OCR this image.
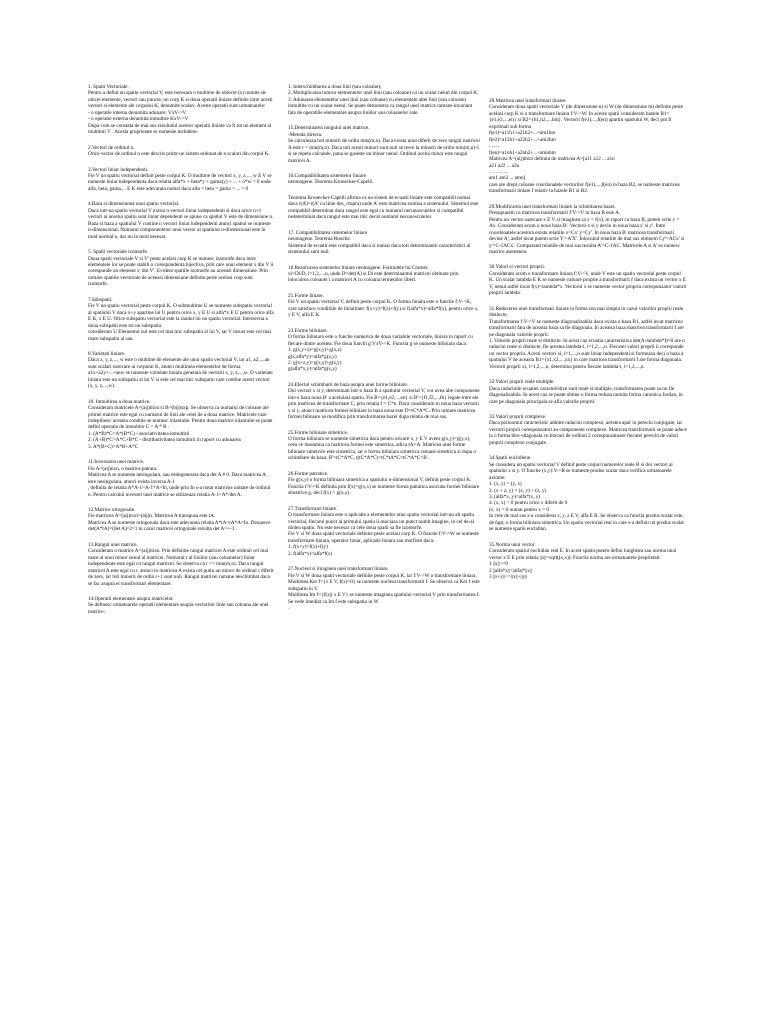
1. Spatii Vectoriale.

Pentru a defini un spatiu vectorial V, este necesara o multime de obiecte (x) numite de obicei elemente, vectori sau puncte, un corp K si doua operatii liniare definite intre acesti vectori si elemente ale corpului K, denumite scalari. Aceste operatii sunt urmatoarele:
- o operatie interna denumita adunare: VxV->V
- o operatie externa denumita inmultire KxV->V
Dupa cum se constata de mai sus rezultatul acestor operatii liniare va fi tot un element al multimii V . Acesta proprietate se numeste inchidere.

2.Vectori de ordinul n.

Orice vector de ordinul n este descris printr-un sistem ordonat de n scalari din corpul K.

3.Vectori liniar independenti.

Fie V un spatiu vectorial definit peste corpul K. O multime de vectori x, y, z,..., w E V se numeste liniar independenta daca relatia alfa*x + beta*y + gama(y) + ... + o*w = 0 unde alfa, beta, gama,... E K este adevarata numai daca alfa = beta = gama = ... = 0

4.Baza si dimensiunea unui spatiu vectorial.

Daca intr-un spatiu vectorial V exista n vectori liniar independenti si daca orice n+1 vectori ai acestui spatiu sunt liniar dependenti se spune ca spatiul V este de dimensiune n.
Baza si baza a spatiului V contine n vectori liniar independenti atunci spatiul se numeste n-dimensional. Numarul componentelor unui vector al spatiului n-dimensional este in mod normal n, dar nu in mod necesar.

5. Spatii vectoriale izomorfe.

Doua spatii vectoriale V si V' peste acelasi corp K se numesc izomorfe daca intre elementele lor se poate stabili o corespondenta bijectiva, prin care unui element x din V ii corespunde un element x' din V'. Evident spatiile izomorfe au aceeasi dimensiune. Prin urmare spatiile vectoriale de aceeasi dimensiune definite peste acelasi corp sunt izomorfe.

7.Subspatii.

Fie V un spatiu vectorial peste corpul K. O submultime U se numeste subspatiu vectorial al spatiului V daca x+y apartine lui U pentru orice x, y E U si alfa*x E U pentru orice alfa E K, x E U. Orice subspatiu vectorial este la randul lui un spatiu vectorial. Intersectia a doua subspatii este tot un subspatiu.
consideram U Elementul nul este cel mai mic subspatiu al lui V, iar V insusi este cel mai mare subspatiu al sau.

8.Varietati liniare.

Daca x, y, z,..., w este o multime de elemente ale unui spatiu vectorial V, iar a1, a2,...,an sunt scalari oarecare ai corpului K, atunci multimea elementelor de forma a1x+a2y+...+anw se numeste varietate liniara generata de vectorii x, y, z,...,w. O varietate liniara este un subspatiu al lui V si este cel mai mic subspatiu care contine acesti vectori (x, y, z,...,w).

10. Inmultirea a doua matrice.

Consideram matricele A=(aij)mxn si B=(bij)nxp. Se observa ca numarul de coloane ale primei matrice este egal cu numarul de linii ale celei de a doua matrice. Matricele care indeplinesc aceasta conditie se numesc inlantuite. Pentru doua matrice inlantuite se poate defini operatia de inmultire C = A * B .
1. (A*B)*C=A*(B*C) - asociativitatea inmultirii
2. (A+B)*C=A*C+B*C - distributivitatea inmultirii in raport cu adunarea
3. A*(B+C)=A*B+A*C

11.Inversarea unei matrice.

Fie A=(aij)nxn, o matrice patrata.
Matricea A se numeste nesingulara, sau nedegenerata daca det A # 0. Daca matricea A este nesingulara, atunci exista inversa A-1
, definita de relatia A*A-1=A-1*A=In, unde prin In s-a notat matricea unitate de ordinul n. Pentru calculul inversei unei matrice se utilizeaza relatia A-1=A*/det A.

12.Matrice ortogonale.

Fie matricea A=(aij)nxn=(aij)n. Matricea A transpusa este tA.
Matricea A se numeste ortogonala daca este adevarata relatia A*tA=tA*A=In. Deoarece det(A*tA)=(det A)^2=1 in cazul matricei ortogonale rezulta det A=+-1 .

13.Rangul unei matrice.

Consideram o matrice A=(aij)mxn. Prin definitie rangul matricei A este ordinul cel mai mare al unui minor nenul al matricei. Numarul r al liniilor (sau coloanelor) liniar independente este egal cu rangul matricei. Se observa ca r <= min(m,n). Daca rangul matricei A este egal cu r, atunci in matricea A exista cel putin un minor de ordinul r diferit de zero, iar toti minorii de ordin r+1 sunt nuli. Rangul matricei ramane neschimbat daca se fac asupra ei transformari elementare.

14.Operatii elementare asupra matricelor.

Se definesc urmatoarele operatii elementare asupra vectorilor linie sau coloana ale unei matrice:

1. Interschimbarea a doua linii (sau coloane);
2. Multiplicarea tuturor elementelor unei linii (sau coloane) cu un scalar nenul din corpul K;
3. Adunarea elementelor unei linii (sau coloane) cu elementele altei linii (sau coloane) inmultite cu un scalar nenul. Se poate demonstra ca rangul unei matrice ramane invariant fata de operatiile elementare asupra liniilor sau coloanelor sale.

15.Determinarea rangului unei matrice.

-Metoda directa.
Se calculeaza toti minorii de ordin min(m,n). Daca exista unul diferit de zero rangul matricei A este r = min(m,n). Daca toti acesti minori sunt nuli se trece la minorii de ordin min(m,n)-1 si se repeta calculele, pana se gaseste un minor nenul. Ordinul acelui minor este rangul matricei A.

16.Compatibilitatea sistemelor liniare

neomogene. Teorema Kronecker-Capelli.

Teorema Kronecker-Capelli afirma ca un sistem de ecuatii liniare este compatibil numai daca r(A)=r(A' cu linie des_ctupra) unde A' este matricea extinsa a sistemului. Sistemul este compatibil determinat daca rangul este egal cu numarul necunoscutelor si compatibil nedeterminat daca rangul este mai mic decat numarul necunoscutelor.

17. Compatibilitatea sistemelor liniare

neomogene. Teorema Rouche.
Sistemul de ecuatii este compatibil daca si numai daca toti determinantii caracteristici ai sistemului sunt nuli.

18.Rezolvarea sistemelor liniare neomogene. Formulele lui Cramer.

xi=Di/D, i=1,2,...,n, unde D=det(A) si Di este determinantul matricei obtinute prin inlocuirea coloanei i a matricei A cu coloana termenilor liberi.

21.Forme liniare.

Fie V un spatiu vectorial V, definit peste corpul K. O forma liniara este o functie f:V->K, care satisface conditiile de liniaritate: f(x+y)=f(x)+f(y) si f(alfa*x)=alfa*f(x), pentru orice x, y E V, alfa E K.

23.Forme biliniare.

O forma biliniara este o functie numerica de doua variabile vectoriale, liniara in raport cu fiecare dintre acestea. Fie doua functii g:VxV->K. Functia g se numeste biliniara daca:
1. g(x,y+z)=g(x,y)+g(x,z)
g(x,alfa*y)=alfa*g(x,y)
2. g(x+z,y)=g(x,y)+g(z,y)
g(alfa*x,y)=alfa*g(x,y)

24.Efectul schimbarii de baza asupra unei forme biliniare.

Doi vectori x si y, determinati intr-o baza B a spatiului vectorial V, vor avea alte componente intr-o baza noua B' a aceluiasi spatiu. Fie B={e1,e2,...,en} si B'={f1,f2,...,fn} legate intre ele prin matricea de transformare C, prin relatia f = C*e. Daca consideram in noua baza vectorii x si y, atunci matricea formei biliniare in baza noua este D=tC*A*C. Prin urmare matricea formei biliniare se modifica prin transformarea bazei dupa relatia de mai sus.

25.Forme biliniare simetrice.

O forma biliniara se numeste simetrica daca pentru oricare x, y E V avem g(x,y)=g(y,x), ceea ce inseamna ca matricea formei este simetrica, adica tA=A. Matricea unei forme biliniare simetrice este simetrica, iar o forma biliniara simetrica ramane simetrica si dupa o schimbare de baza. B'=tC*A*C, t(tC*A*C)=tC*tA*C=tC*A*C=B'.

26.Forme patratice.

Fie g(x,y) o forma biliniara simetrica a spatiului n-dimensional V, definit peste corpul K. Functia f:V->K definita prin f(x)=g(x,x) se numeste forma patratica asociata formei biliniare simetrice g, deci f(x) = g(x,x).

27.Transformari liniare.

O transformare liniara este o aplicatie a elementelor unui spatiu vectorial intr-un alt spatiu vectorial, fiecarui punct al primului spatiu ii asociaza un punct numit imagine, in cel de-al doilea spatiu. Nu este necesar ca cele doua spatii sa fie izomorfe.
Fie V si W doua spatii vectoriale definite peste acelasi corp K. O functie f:V->W se numeste transformare liniara, operator liniar, aplicatie liniara sau morfism daca:
1. f(x+y)=f(x)+f(y)
2. f(alfa*x)=alfa*f(x)

27.Nucleul si imaginea unei transformari liniare.

Fie V si W doua spatii vectoriale definite peste corpul K, iar f:V->W o transformare liniara. Multimea Ker f={x E V, f(x)=0} se numeste nucleul transformarii f. Se observa ca Ker f este subspatiu in V.
Multimea Im f={f(x)| x E V} se numeste imaginea spatiului vectorial V prin transformarea f. Se vede imediat ca Im f este subspatiu in W
.

28.Matricea unei transformari liniare.

Consideram doua spatii vectoriale V (de dimensiune n) si W (de dimensiune m) definite peste acelasi corp K si o transformare liniara f:V->W. In aceste spatii consideram bazele B1={e1,e2,...,en} si B2={h1,h2,...,hm}. Vectorii f(e1),...,f(en) apartin spatiului W, deci pot fi exprimati sub forma
f(e1)=a11h1+a21h2+...+am1hm
f(e2)=a12h1+a22h2+...+am2hm
.........
f(en)=a1nh1+a2nh2+...+amnhm
Matricea A=(aij)mxn definita de matricea A=[a11 a12 ... a1n
a21 a22 ... a2n
... ... ... ...
am1 am2 ... amn]
care are drept coloane coordonatele vectorilor f(e1),...,f(en) in baza B2, se numeste matricea transformarii liniare f relativ la bazele B1 si B2.

29.Modificarea unei transformari liniare la schimbarea bazei.

Presupunem ca matricea transformarii f:V->V in baza B este A.
Pentru un vector oarecare x E V si imaginea sa y = f(x), in raport cu baza B, putem scrie y = Ax. Consideram acum o noua baza B'. Vectorii x si y devin in noua baza x' si y'. Intre coordonatele acestora exista relatiile x=Cx' y=Cy'. In noua baza B' matricea transformarii devine A', astfel incat putem scrie Y'=A'X'. Inlocuind relatiile de mai sus obtinem Cy'=ACx' si y'=C-1ACx'. Comparand relatiile de mai sus rezulta A'=C-1AC. Matricele A si A' se numesc matrice asemenea.

30.Valori si vectori proprii.

Consideram acum o transformare liniara f:V->V, unde V este un spatiu vectorial peste corpul K. Un scalar lambda E K se numeste valoare proprie a transformarii f daca exista un vector x E V, nenul astfel incat f(x)=lambda*x. Vectorul x se numeste vector propriu corespunzator valorii proprii lambda.

31.Reducerea unei transformari liniare la forma cea mai simpla in cazul valorilor proprii reale distincte.

Transformarea f:V->V se numeste diagonalizabila daca exista o baza B1, astfel incat matricea transformarii fata de aceasta baza sa fie diagonala. In aceasta baza matricea transformarii f are pe diagonala valorile proprii.
1. Valorile proprii reale si distincte. In acest caz ecuatia caracteristica det(A-lambda*I)=0 are n radacini reale si distincte, fie acestea lambda-i, i=1,2,...,n. Fiecarei valori proprii ii corespunde un vector propriu. Acesti vectori xi, i=1,...,n sunt liniar independenti si formeaza deci o baza a spatiului V de aceasta B1={x1,x2,...,xn} in care matricea transformarii f are forma diagonala. Vectorii proprii xi, i=1,2,...,n, determina pentru fiecare lambda-i, i=1,2,...,n.

32.Valori proprii reale multiple.

Daca radacinile ecuatiei caracteristice sunt reale si multiple, transformarea poate sa nu fie diagonalizabila. In acest caz se poate obtine o forma redusa numita forma canonica Jordan, in care pe diagonala principala se afla valorile proprii.

33.Valori proprii complexe.

Daca polinomul caracteristic admite radacini complexe, acestea apar in perechi conjugate, iar vectorii proprii corespunzatori au componente complexe. Matricea transformarii se poate aduce la o forma bloc-diagonala cu blocuri de ordinul 2 corespunzatoare fiecarei perechi de valori proprii complexe conjugate.

34.Spatii euclidiene.

Se considera un spatiu vectorial V definit peste corpul numerelor reale R si doi vectori ai spatiului x si y. O functie (x,y):V->R se numeste produs scalar daca verifica urmatoarele axiome:
1. (x, y) = (y, x)
2. (x + z, y) = (x, y) + (z, y)
3. (alfa*x, y)=alfa*(x, y)
4. (x, x) > 0 pentru orice x diferit de 0
(x, x) = 0 numai pentru x = 0
In cele de mai sus s-a considerat x, y, z E V, alfa E R. Se observa ca functia produs scalar este, de fapt, o forma biliniara simetrica. Un spatiu vectorial real in care s-a definit un produs scalar se numeste spatiu euclidian.

35.Norma unui vector.

Consideram spatiul euclidian real E. In acest spatiu putem defini lungimea sau norma unui vector x E E prin relatia ||x||=sqrt((x,x)). Functia norma are urmatoarele proprietati:
1 ||x||>=0
2 ||alfa*x||=|alfa|*||x||
3 ||x+y||<=||x||+||y||
